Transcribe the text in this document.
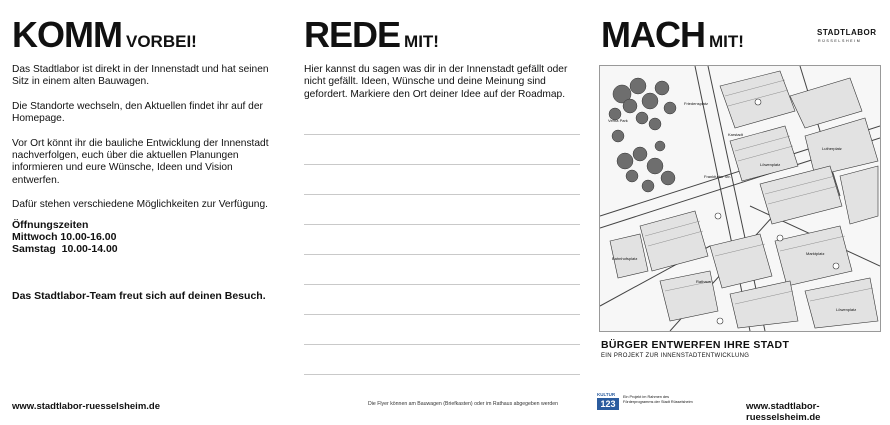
KOMM VORBEI!

Das Stadtlabor ist direkt in der Innenstadt und hat seinen Sitz in einem alten Bauwagen.

Die Standorte wechseln, den Aktuellen findet ihr auf der Homepage.

Vor Ort könnt ihr die bauliche Entwicklung der Innenstadt nachverfolgen, euch über die aktuellen Planungen informieren und eure Wünsche, Ideen und Vision entwerfen.

Dafür stehen verschiedene Möglichkeiten zur Verfügung.

Öffnungszeiten
Mittwoch 10.00-16.00
Samstag  10.00-14.00
Das Stadtlabor-Team freut sich auf deinen Besuch.
www.stadtlabor-ruesselsheim.de
REDE MIT!
Hier kannst du sagen was dir in der Innenstadt gefällt oder nicht gefällt. Ideen, Wünsche und deine Meinung sind gefordert. Markiere den Ort deiner Idee auf der Roadmap.
Die Flyer können am Bauwagen (Briefkasten) oder im Rathaus abgegeben werden
MACH MIT!	STADTLABOR
RÜSSELSHEIM
Verna Park
Friedensplatz
Karstadt
Löwenplatz
Lutherplatz
Frankfurter Str.
Marktplatz
Rathaus
Bahnhofsplatz
Löwenplatz
BÜRGER ENTWERFEN IHRE STADT
EIN PROJEKT ZUR INNENSTADTENTWICKLUNG
KULTUR
123
Ein Projekt im Rahmen des Förderprogramms der Stadt Rüsselsheim	www.stadtlabor-ruesselsheim.de
